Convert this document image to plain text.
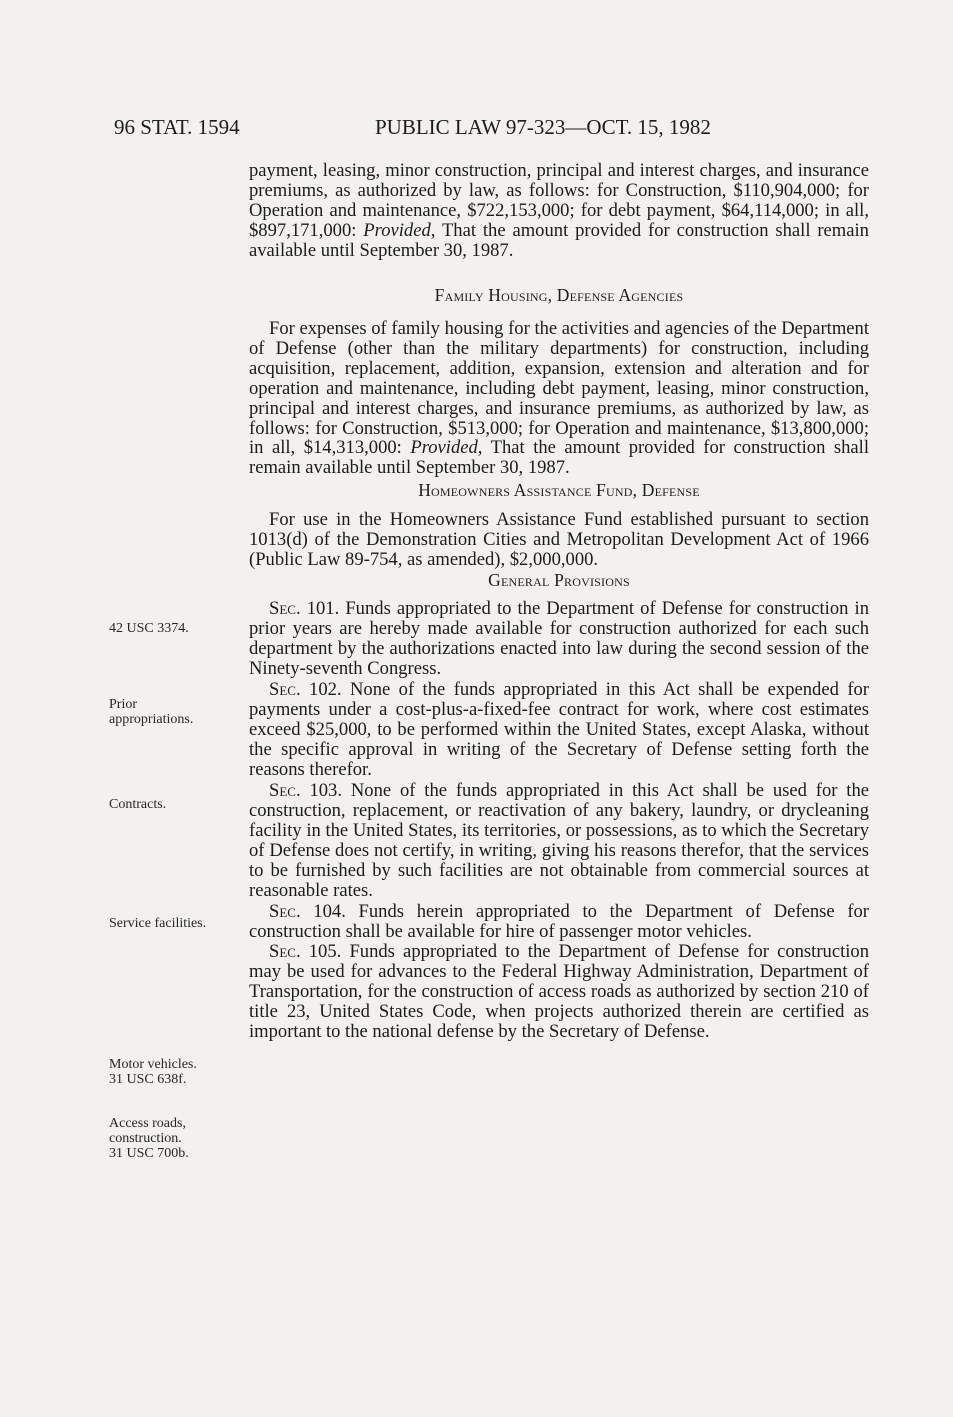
96 STAT. 1594	PUBLIC LAW 97-323—OCT. 15, 1982
42 USC 3374.
Prior
appropriations.
Contracts.
Service facilities.
Motor vehicles.
31 USC 638f.
Access roads,
construction.
31 USC 700b.

payment, leasing, minor construction, principal and interest charges, and insurance premiums, as authorized by law, as follows: for Construction, $110,904,000; for Operation and maintenance, $722,153,000; for debt payment, $64,114,000; in all, $897,171,000: Provided, That the amount provided for construction shall remain available until September 30, 1987.

Family Housing, Defense Agencies

For expenses of family housing for the activities and agencies of the Department of Defense (other than the military departments) for construction, including acquisition, replacement, addition, expansion, extension and alteration and for operation and maintenance, including debt payment, leasing, minor construction, principal and interest charges, and insurance premiums, as authorized by law, as follows: for Construction, $513,000; for Operation and maintenance, $13,800,000; in all, $14,313,000: Provided, That the amount provided for construction shall remain available until September 30, 1987.

Homeowners Assistance Fund, Defense

For use in the Homeowners Assistance Fund established pursuant to section 1013(d) of the Demonstration Cities and Metropolitan Development Act of 1966 (Public Law 89-754, as amended), $2,000,000.

General Provisions

Sec. 101. Funds appropriated to the Department of Defense for construction in prior years are hereby made available for construction authorized for each such department by the authorizations enacted into law during the second session of the Ninety-seventh Congress.

Sec. 102. None of the funds appropriated in this Act shall be expended for payments under a cost-plus-a-fixed-fee contract for work, where cost estimates exceed $25,000, to be performed within the United States, except Alaska, without the specific approval in writing of the Secretary of Defense setting forth the reasons therefor.

Sec. 103. None of the funds appropriated in this Act shall be used for the construction, replacement, or reactivation of any bakery, laundry, or drycleaning facility in the United States, its territories, or possessions, as to which the Secretary of Defense does not certify, in writing, giving his reasons therefor, that the services to be furnished by such facilities are not obtainable from commercial sources at reasonable rates.

Sec. 104. Funds herein appropriated to the Department of Defense for construction shall be available for hire of passenger motor vehicles.

Sec. 105. Funds appropriated to the Department of Defense for construction may be used for advances to the Federal Highway Administration, Department of Transportation, for the construction of access roads as authorized by section 210 of title 23, United States Code, when projects authorized therein are certified as important to the national defense by the Secretary of Defense.
